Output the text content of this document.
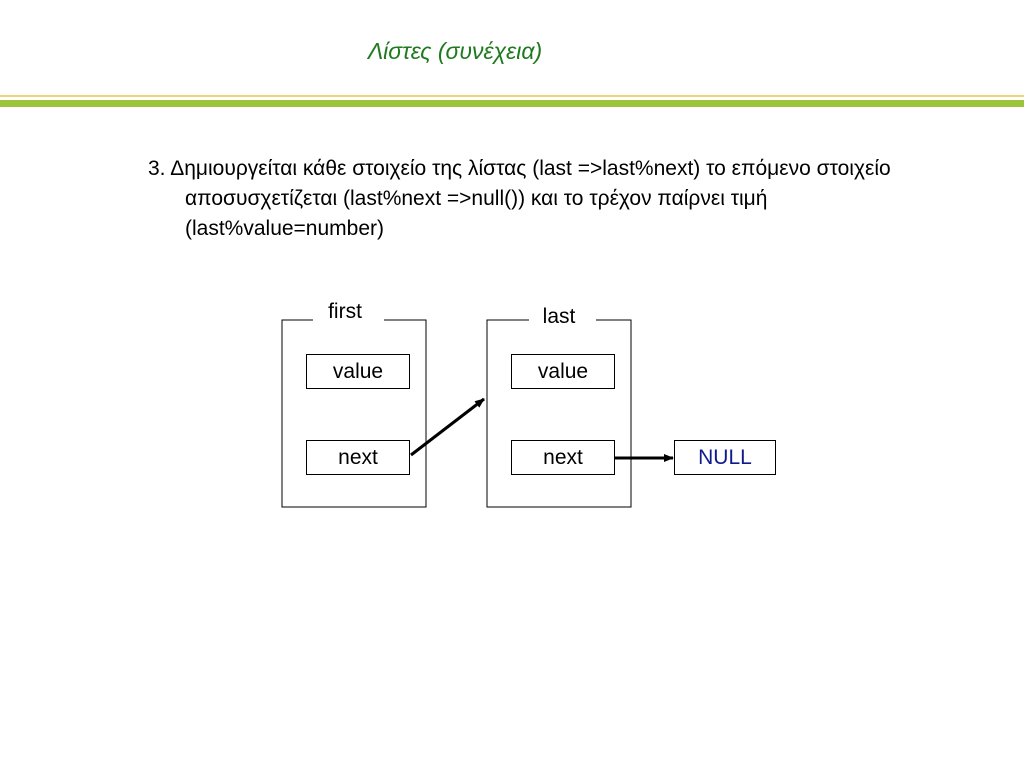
Λίστες (συνέχεια)
3. Δημιουργείται κάθε στοιχείο της λίστας (last =>last%next) το επόμενο στοιχείο αποσυσχετίζεται (last%next =>null()) και το τρέχον παίρνει τιμή (last%value=number)
first	last
value
next
value
next	NULL
